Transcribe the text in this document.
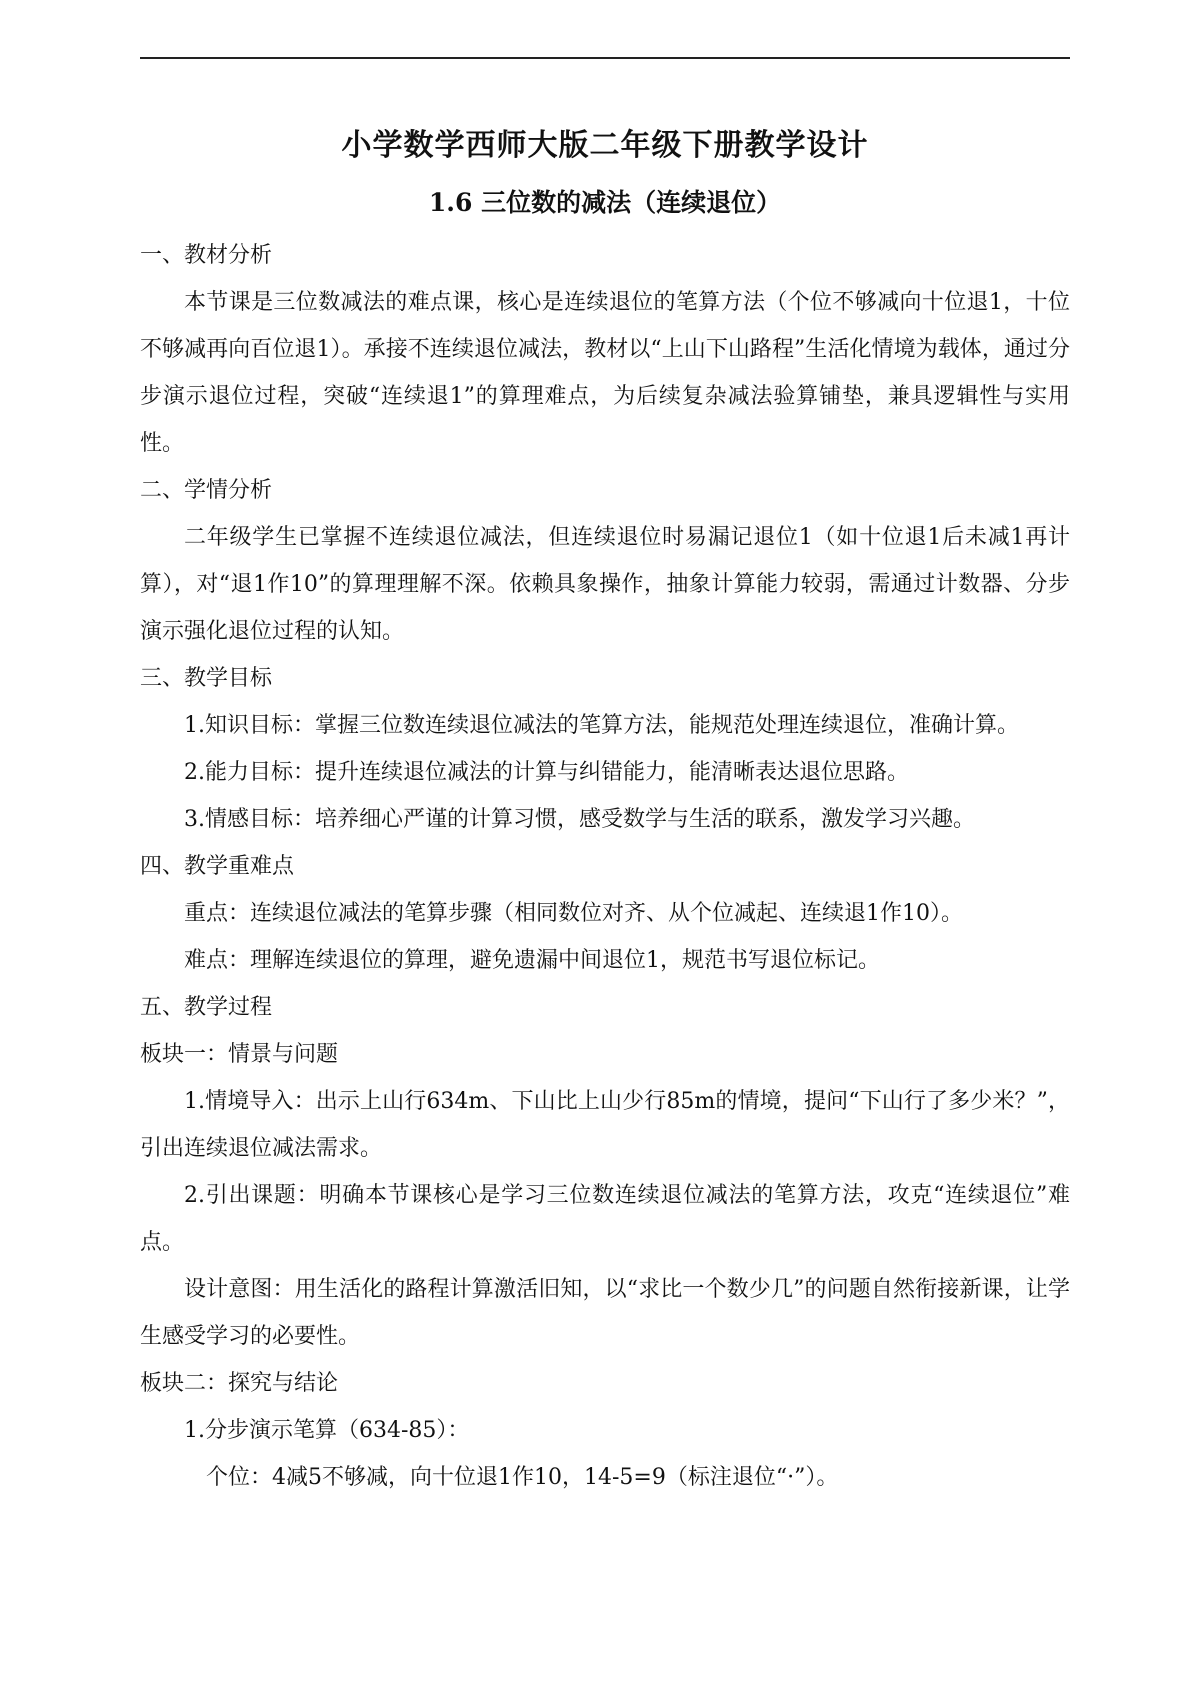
小学数学西师大版二年级下册教学设计

1.6 三位数的减法（连续退位）

一、教材分析

本节课是三位数减法的难点课，核心是连续退位的笔算方法（个位不够减向十位退1，十位不够减再向百位退1）。承接不连续退位减法，教材以“上山下山路程”生活化情境为载体，通过分步演示退位过程，突破“连续退1”的算理难点，为后续复杂减法验算铺垫，兼具逻辑性与实用性。

二、学情分析

二年级学生已掌握不连续退位减法，但连续退位时易漏记退位1（如十位退1后未减1再计算），对“退1作10”的算理理解不深。依赖具象操作，抽象计算能力较弱，需通过计数器、分步演示强化退位过程的认知。

三、教学目标

1.知识目标：掌握三位数连续退位减法的笔算方法，能规范处理连续退位，准确计算。

2.能力目标：提升连续退位减法的计算与纠错能力，能清晰表达退位思路。

3.情感目标：培养细心严谨的计算习惯，感受数学与生活的联系，激发学习兴趣。

四、教学重难点

重点：连续退位减法的笔算步骤（相同数位对齐、从个位减起、连续退1作10）。

难点：理解连续退位的算理，避免遗漏中间退位1，规范书写退位标记。

五、教学过程

板块一：情景与问题

1.情境导入：出示上山行634m、下山比上山少行85m的情境，提问“下山行了多少米？”，引出连续退位减法需求。

2.引出课题：明确本节课核心是学习三位数连续退位减法的笔算方法，攻克“连续退位”难点。

设计意图：用生活化的路程计算激活旧知，以“求比一个数少几”的问题自然衔接新课，让学生感受学习的必要性。

板块二：探究与结论

1.分步演示笔算（634-85）：

个位：4减5不够减，向十位退1作10，14-5=9（标注退位“·”）。
